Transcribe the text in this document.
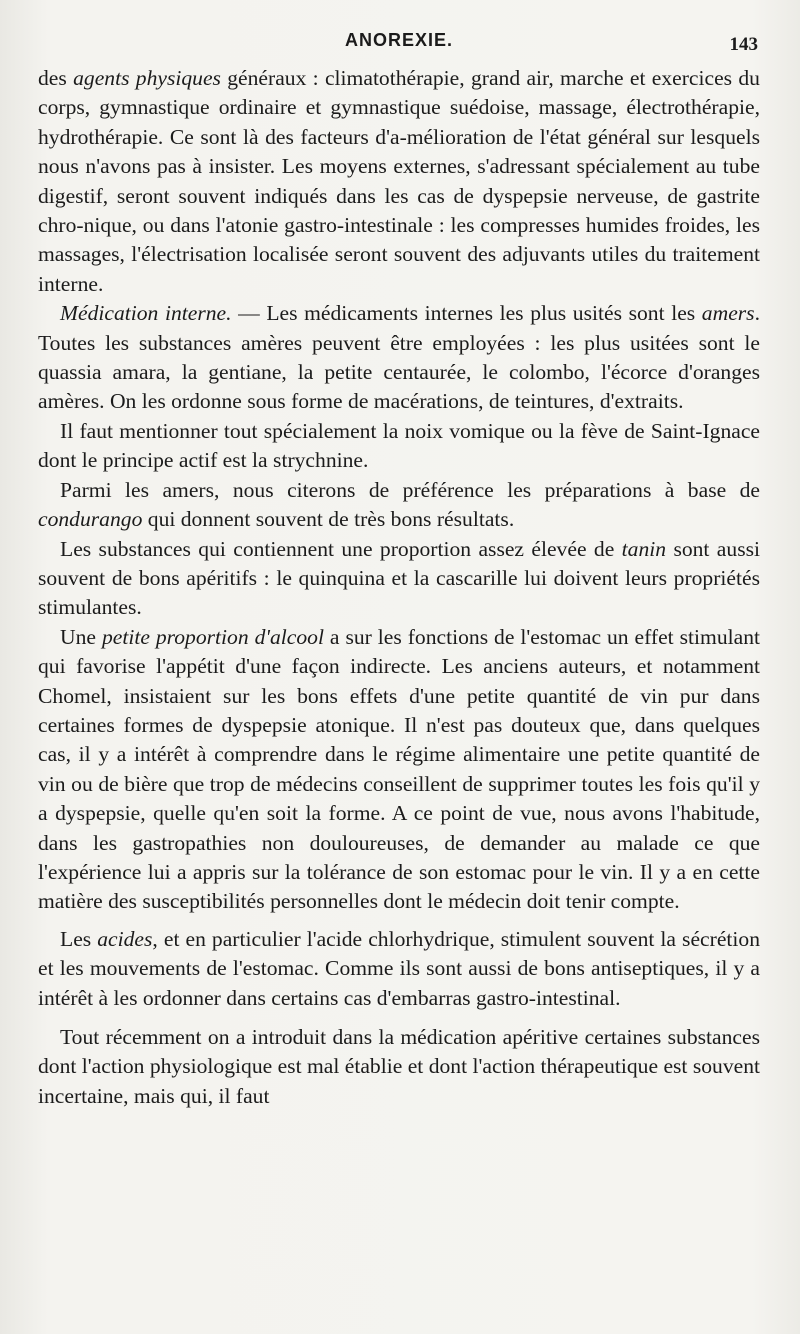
ANOREXIE.	143

des agents physiques généraux : climatothérapie, grand air, marche et exercices du corps, gymnastique ordinaire et gymnastique suédoise, massage, électrothérapie, hydrothérapie. Ce sont là des facteurs d'a-mélioration de l'état général sur lesquels nous n'avons pas à insister. Les moyens externes, s'adressant spécialement au tube digestif, seront souvent indiqués dans les cas de dyspepsie nerveuse, de gastrite chro-nique, ou dans l'atonie gastro-intestinale : les compresses humides froides, les massages, l'électrisation localisée seront souvent des adjuvants utiles du traitement interne.

Médication interne. — Les médicaments internes les plus usités sont les amers. Toutes les substances amères peuvent être employées : les plus usitées sont le quassia amara, la gentiane, la petite centaurée, le colombo, l'écorce d'oranges amères. On les ordonne sous forme de macérations, de teintures, d'extraits.

Il faut mentionner tout spécialement la noix vomique ou la fève de Saint-Ignace dont le principe actif est la strychnine.

Parmi les amers, nous citerons de préférence les préparations à base de condurango qui donnent souvent de très bons résultats.

Les substances qui contiennent une proportion assez élevée de tanin sont aussi souvent de bons apéritifs : le quinquina et la cascarille lui doivent leurs propriétés stimulantes.

Une petite proportion d'alcool a sur les fonctions de l'estomac un effet stimulant qui favorise l'appétit d'une façon indirecte. Les anciens auteurs, et notamment Chomel, insistaient sur les bons effets d'une petite quantité de vin pur dans certaines formes de dyspepsie atonique. Il n'est pas douteux que, dans quelques cas, il y a intérêt à comprendre dans le régime alimentaire une petite quantité de vin ou de bière que trop de médecins conseillent de supprimer toutes les fois qu'il y a dyspepsie, quelle qu'en soit la forme. A ce point de vue, nous avons l'habitude, dans les gastropathies non douloureuses, de demander au malade ce que l'expérience lui a appris sur la tolérance de son estomac pour le vin. Il y a en cette matière des susceptibilités personnelles dont le médecin doit tenir compte.

Les acides, et en particulier l'acide chlorhydrique, stimulent souvent la sécrétion et les mouvements de l'estomac. Comme ils sont aussi de bons antiseptiques, il y a intérêt à les ordonner dans certains cas d'embarras gastro-intestinal.

Tout récemment on a introduit dans la médication apéritive certaines substances dont l'action physiologique est mal établie et dont l'action thérapeutique est souvent incertaine, mais qui, il faut
